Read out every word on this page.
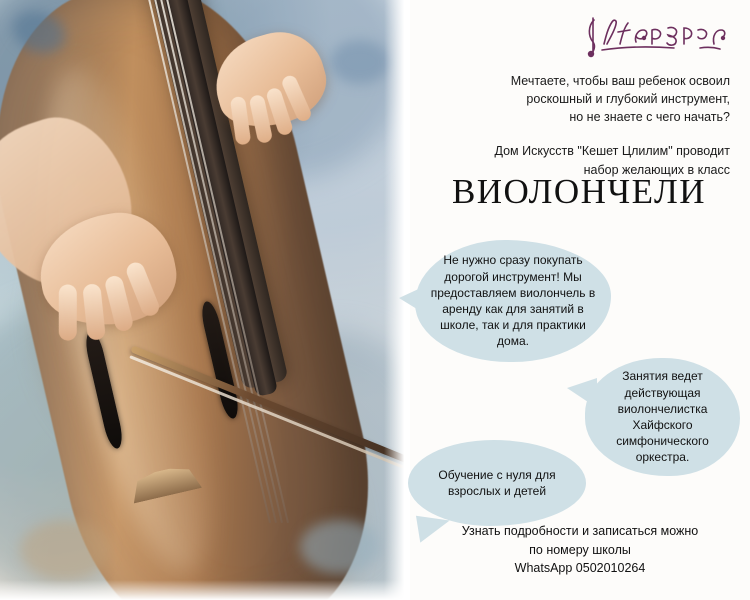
Мечтаете, чтобы ваш ребенок освоил

роскошный и глубокий инструмент,

но не знаете с чего начать?

Дом Искусств "Кешет Цлилим" проводит

набор желающих в класс

ВИОЛОНЧЕЛИ
Не нужно сразу покупать дорогой инструмент! Мы предоставляем виолончель в аренду как для занятий в школе, так и для практики дома.
Занятия ведет действующая виолончелистка Хайфского симфонического оркестра.
Обучение с нуля для взрослых и детей

Узнать подробности и записаться можно

по номеру школы

WhatsApp 0502010264
